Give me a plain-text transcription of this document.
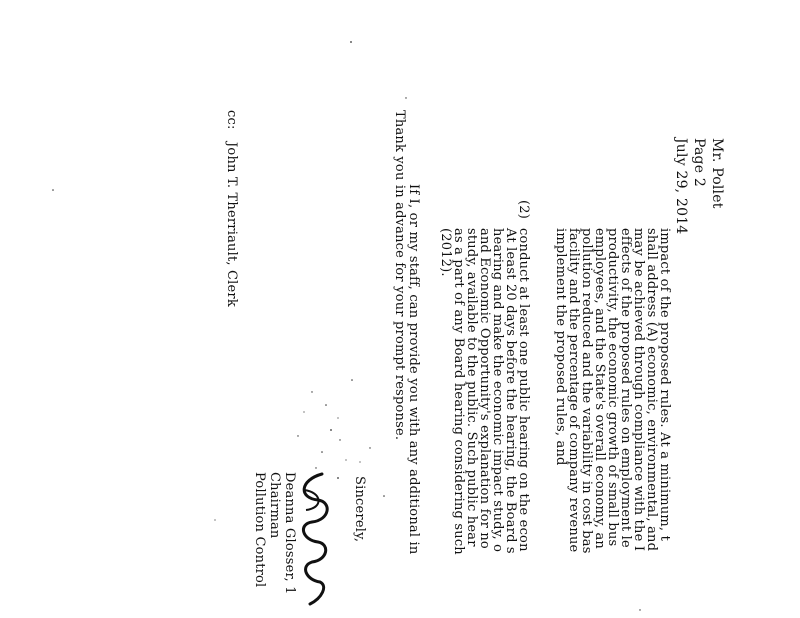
Mr. Pollet
Page 2
July 29, 2014
impact of the proposed rules. At a minimum, t
shall address (A) economic, environmental, and
may be achieved through compliance with the I
effects of the proposed rules on employment le
productivity, the economic growth of small bus
employees, and the State's overall economy, an
pollution reduced and the variability in cost bas
facility and the percentage of company revenue
implement the proposed rules, and
(2)
conduct at least one public hearing on the econ
At least 20 days before the hearing, the Board s
hearing and make the economic impact study, o
and Economic Opportunity's explanation for no
study, available to the public. Such public hear
as a part of any Board hearing considering such
(2012).
If I, or my staff, can provide you with any additional in
Thank you in advance for your prompt response.
Sincerely,
Deanna Glosser, 1
Chairman
Pollution Control
cc:
John T. Therriault, Clerk
